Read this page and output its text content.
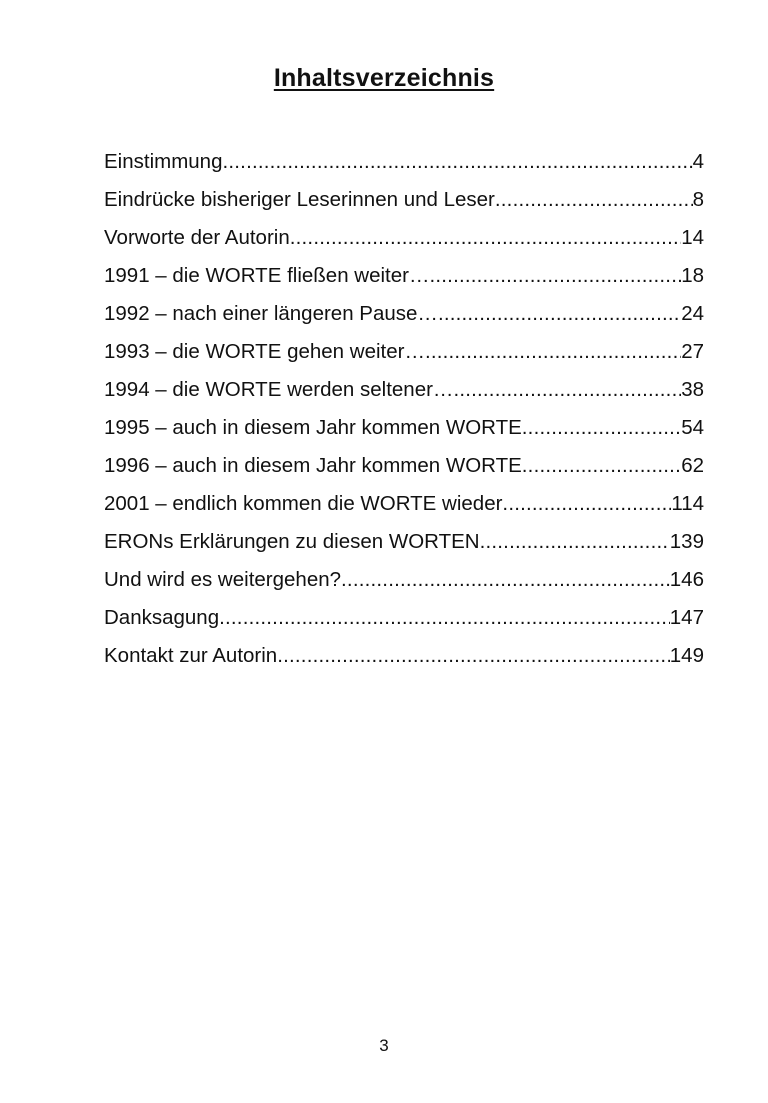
Inhaltsverzeichnis
Einstimmung .....	4
Eindrücke bisheriger Leserinnen und Leser .....	8
Vorworte der Autorin .....	14
1991 – die WORTE fließen weiter… .....	18
1992 – nach einer längeren Pause… .....	24
1993 – die WORTE gehen weiter… .....	27
1994 – die WORTE werden seltener… .....	38
1995 – auch in diesem Jahr kommen WORTE .....	54
1996 – auch in diesem Jahr kommen WORTE .....	62
2001 – endlich kommen die WORTE wieder .....	114
ERONs Erklärungen zu diesen WORTEN .....	139
Und wird es weitergehen? .....	146
Danksagung .....	147
Kontakt zur Autorin .....	149
3
